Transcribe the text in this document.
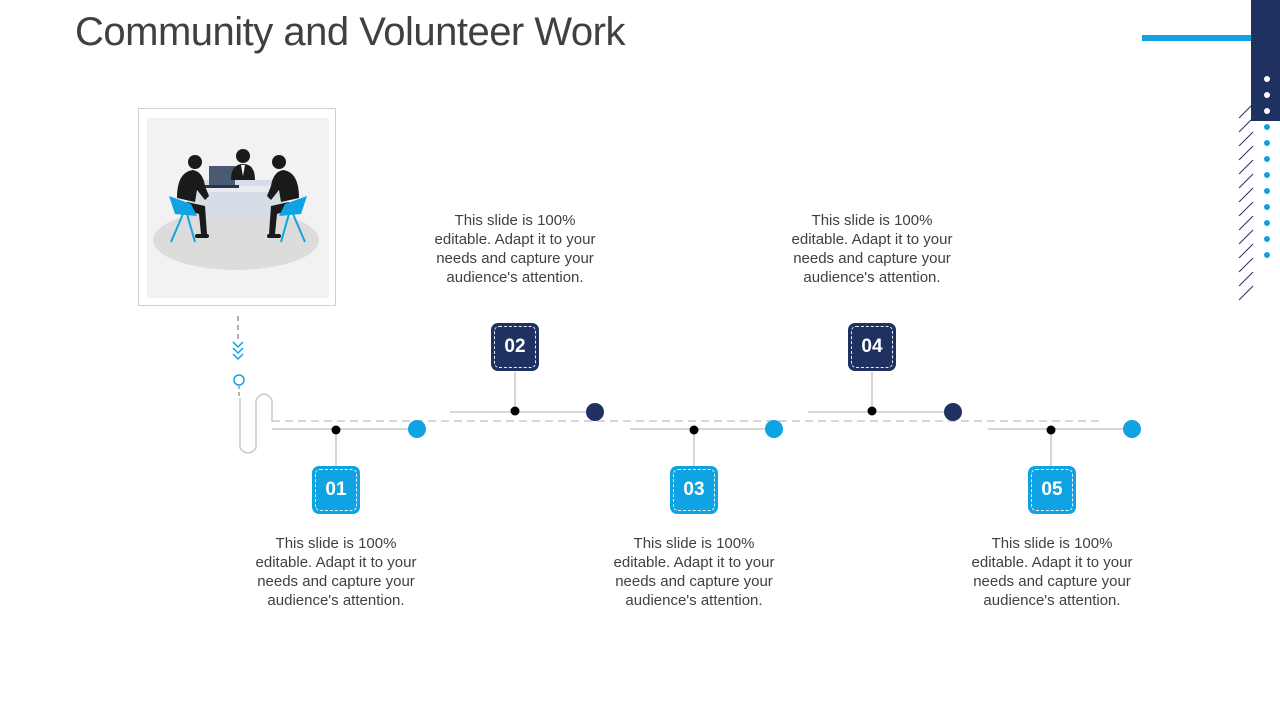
Community and Volunteer Work
01
02
03
04
05
This slide is 100% editable. Adapt it to your needs and capture your audience's attention.
This slide is 100% editable. Adapt it to your needs and capture your audience's attention.
This slide is 100% editable. Adapt it to your needs and capture your audience's attention.
This slide is 100% editable. Adapt it to your needs and capture your audience's attention.
This slide is 100% editable. Adapt it to your needs and capture your audience's attention.
